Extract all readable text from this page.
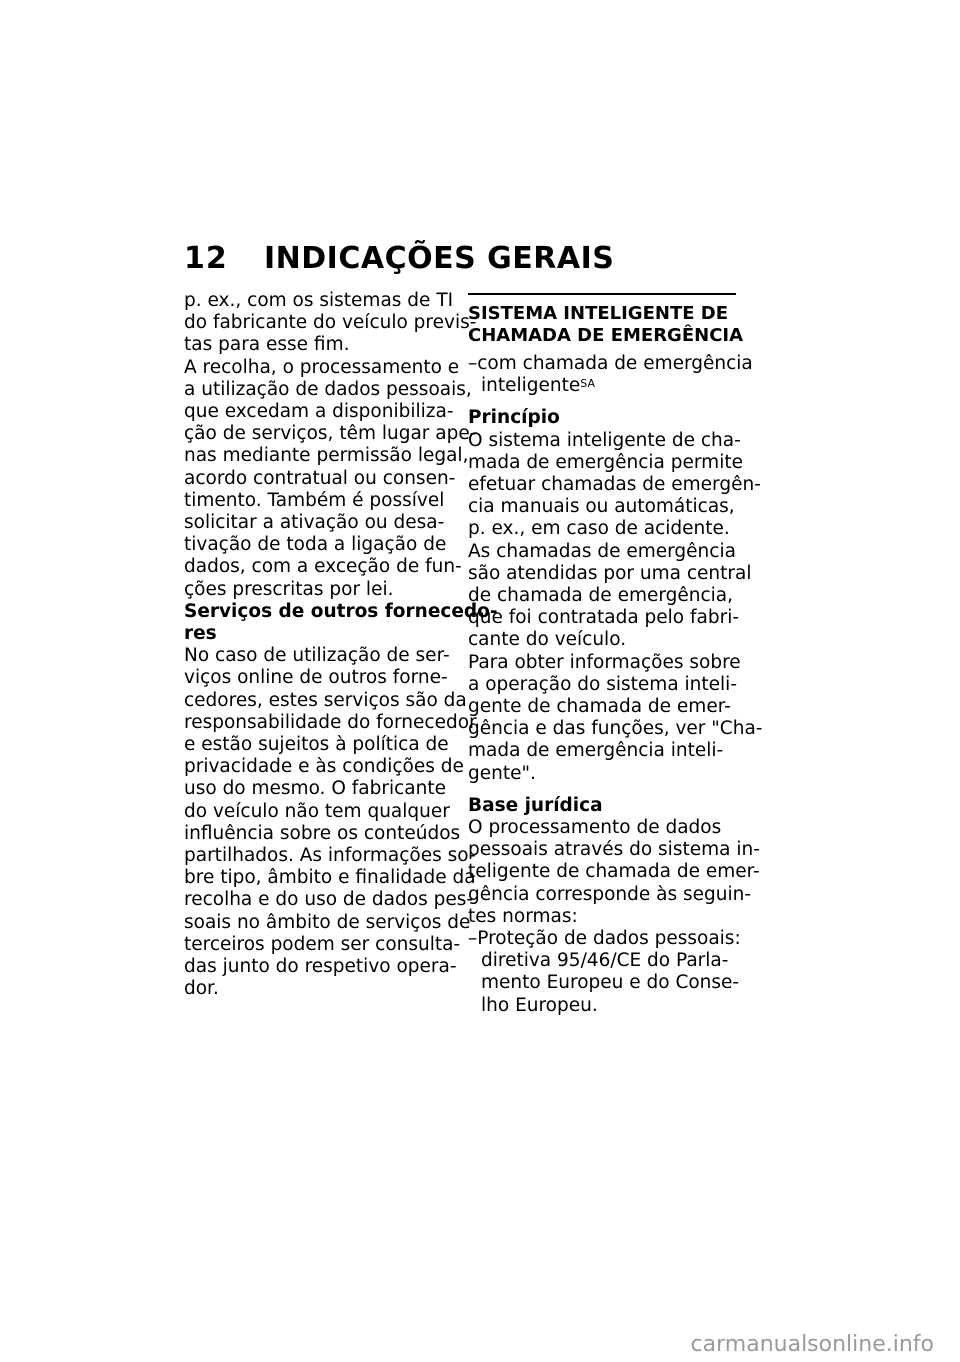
12 INDICAÇÕES GERAIS
p. ex., com os sistemas de TI
do fabricante do veículo previs-
tas para esse fim.
A recolha, o processamento e
a utilização de dados pessoais,
que excedam a disponibiliza-
ção de serviços, têm lugar ape-
nas mediante permissão legal,
acordo contratual ou consen-
timento. Também é possível
solicitar a ativação ou desa-
tivação de toda a ligação de
dados, com a exceção de fun-
ções prescritas por lei.
Serviços de outros fornecedo-
res
No caso de utilização de ser-
viços online de outros forne-
cedores, estes serviços são da
responsabilidade do fornecedor
e estão sujeitos à política de
privacidade e às condições de
uso do mesmo. O fabricante
do veículo não tem qualquer
influência sobre os conteúdos
partilhados. As informações so-
bre tipo, âmbito e finalidade da
recolha e do uso de dados pes-
soais no âmbito de serviços de
terceiros podem ser consulta-
das junto do respetivo opera-
dor.
SISTEMA INTELIGENTE DE
CHAMADA DE EMERGÊNCIA
–com chamada de emergência
inteligente$^{SA}$
Princípio
O sistema inteligente de cha-
mada de emergência permite
efetuar chamadas de emergên-
cia manuais ou automáticas,
p. ex., em caso de acidente.
As chamadas de emergência
são atendidas por uma central
de chamada de emergência,
que foi contratada pelo fabri-
cante do veículo.
Para obter informações sobre
a operação do sistema inteli-
gente de chamada de emer-
gência e das funções, ver "Cha-
mada de emergência inteli-
gente".
Base jurídica
O processamento de dados
pessoais através do sistema in-
teligente de chamada de emer-
gência corresponde às seguin-
tes normas:
–Proteção de dados pessoais:
diretiva 95/46/CE do Parla-
mento Europeu e do Conse-
lho Europeu.
carmanualsonline.info
